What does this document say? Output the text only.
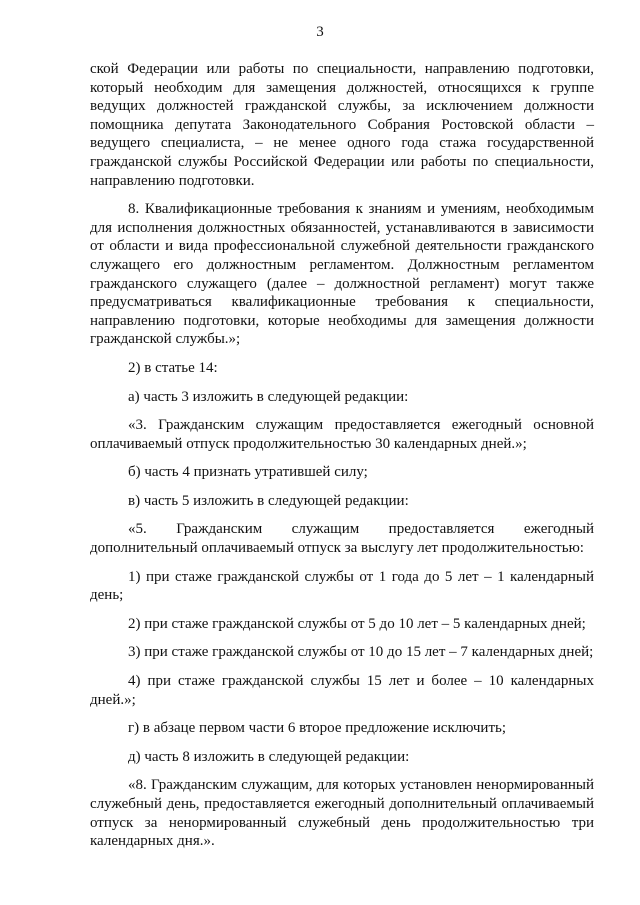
3

ской Федерации или работы по специальности, направлению подготовки, который необходим для замещения должностей, относящихся к группе ведущих должностей гражданской службы, за исключением должности помощника депутата Законодательного Собрания Ростовской области – ведущего специалиста, – не менее одного года стажа государственной гражданской службы Российской Федерации или работы по специальности, направлению подготовки.

8. Квалификационные требования к знаниям и умениям, необходимым для исполнения должностных обязанностей, устанавливаются в зависимости от области и вида профессиональной служебной деятельности гражданского служащего его должностным регламентом. Должностным регламентом гражданского служащего (далее – должностной регламент) могут также предусматриваться квалификационные требования к специальности, направлению подготовки, которые необходимы для замещения должности гражданской службы.»;

2) в статье 14:

а) часть 3 изложить в следующей редакции:

«3. Гражданским служащим предоставляется ежегодный основной оплачиваемый отпуск продолжительностью 30 календарных дней.»;

б) часть 4 признать утратившей силу;

в) часть 5 изложить в следующей редакции:

«5. Гражданским служащим предоставляется ежегодный дополнительный оплачиваемый отпуск за выслугу лет продолжительностью:

1) при стаже гражданской службы от 1 года до 5 лет – 1 календарный день;

2) при стаже гражданской службы от 5 до 10 лет – 5 календарных дней;

3) при стаже гражданской службы от 10 до 15 лет – 7 календарных дней;

4) при стаже гражданской службы 15 лет и более – 10 календарных дней.»;

г) в абзаце первом части 6 второе предложение исключить;

д) часть 8 изложить в следующей редакции:

«8. Гражданским служащим, для которых установлен ненормированный служебный день, предоставляется ежегодный дополнительный оплачиваемый отпуск за ненормированный служебный день продолжительностью три календарных дня.».
